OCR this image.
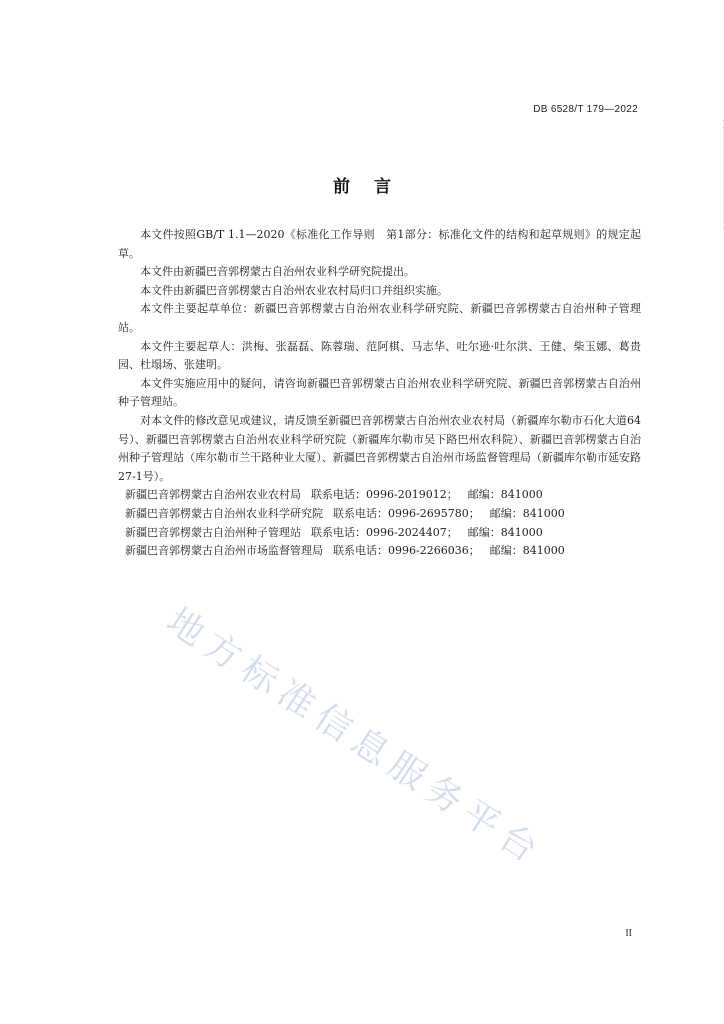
DB 6528/T 179—2022
前言

本文件按照GB/T 1.1—2020《标准化工作导则　第1部分：标准化文件的结构和起草规则》的规定起草。

本文件由新疆巴音郭楞蒙古自治州农业科学研究院提出。

本文件由新疆巴音郭楞蒙古自治州农业农村局归口并组织实施。

本文件主要起草单位：新疆巴音郭楞蒙古自治州农业科学研究院、新疆巴音郭楞蒙古自治州种子管理站。

本文件主要起草人：洪梅、张磊磊、陈蓉瑞、范阿棋、马志华、吐尔逊·吐尔洪、王健、柴玉娜、葛贵园、杜塌场、张建明。

本文件实施应用中的疑问，请咨询新疆巴音郭楞蒙古自治州农业科学研究院、新疆巴音郭楞蒙古自治州种子管理站。

对本文件的修改意见或建议，请反馈至新疆巴音郭楞蒙古自治州农业农村局（新疆库尔勒市石化大道64号）、新疆巴音郭楞蒙古自治州农业科学研究院（新疆库尔勒市吴下路巴州农科院）、新疆巴音郭楞蒙古自治州种子管理站（库尔勒市兰干路种业大厦）、新疆巴音郭楞蒙古自治州市场监督管理局（新疆库尔勒市延安路27-1号）。

新疆巴音郭楞蒙古自治州农业农村局 联系电话：0996-2019012； 邮编：841000

新疆巴音郭楞蒙古自治州农业科学研究院 联系电话：0996-2695780； 邮编：841000

新疆巴音郭楞蒙古自治州种子管理站 联系电话：0996-2024407； 邮编：841000

新疆巴音郭楞蒙古自治州市场监督管理局 联系电话：0996-2266036； 邮编：841000

地方标准信息服务平台
II
